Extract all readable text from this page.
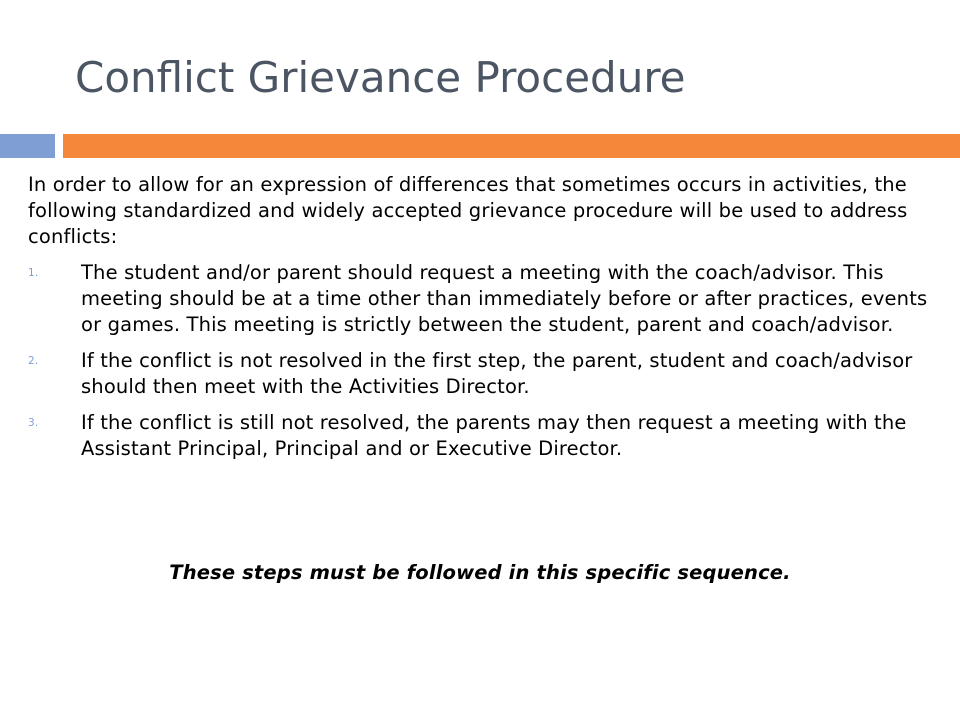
Conflict Grievance Procedure

In order to allow for an expression of differences that sometimes occurs in activities, the following standardized and widely accepted grievance procedure will be used to address conflicts:

1. The student and/or parent should request a meeting with the coach/advisor. This meeting should be at a time other than immediately before or after practices, events or games. This meeting is strictly between the student, parent and coach/advisor.
2. If the conflict is not resolved in the first step, the parent, student and coach/advisor should then meet with the Activities Director.
3. If the conflict is still not resolved, the parents may then request a meeting with the Assistant Principal, Principal and or Executive Director.

These steps must be followed in this specific sequence.
